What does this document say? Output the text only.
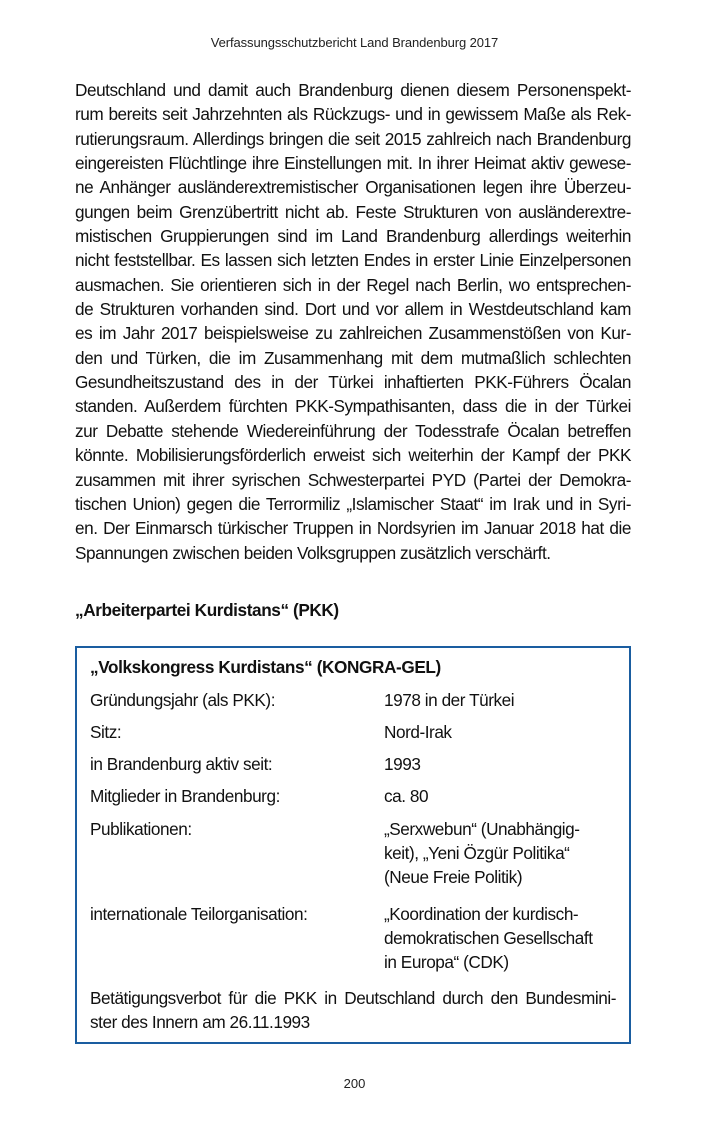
Verfassungsschutzbericht Land Brandenburg 2017
Deutschland und damit auch Brandenburg dienen diesem Personenspekt-
rum bereits seit Jahrzehnten als Rückzugs- und in gewissem Maße als Rek-
rutierungsraum. Allerdings bringen die seit 2015 zahlreich nach Brandenburg
eingereisten Flüchtlinge ihre Einstellungen mit. In ihrer Heimat aktiv gewese-
ne Anhänger ausländerextremistischer Organisationen legen ihre Überzeu-
gungen beim Grenzübertritt nicht ab. Feste Strukturen von ausländerextre-
mistischen Gruppierungen sind im Land Brandenburg allerdings weiterhin
nicht feststellbar. Es lassen sich letzten Endes in erster Linie Einzelpersonen
ausmachen. Sie orientieren sich in der Regel nach Berlin, wo entsprechen-
de Strukturen vorhanden sind. Dort und vor allem in Westdeutschland kam
es im Jahr 2017 beispielsweise zu zahlreichen Zusammenstößen von Kur-
den und Türken, die im Zusammenhang mit dem mutmaßlich schlechten
Gesundheitszustand des in der Türkei inhaftierten PKK-Führers Öcalan
standen. Außerdem fürchten PKK-Sympathisanten, dass die in der Türkei
zur Debatte stehende Wiedereinführung der Todesstrafe Öcalan betreffen
könnte. Mobilisierungsförderlich erweist sich weiterhin der Kampf der PKK
zusammen mit ihrer syrischen Schwesterpartei PYD (Partei der Demokra-
tischen Union) gegen die Terrormiliz „Islamischer Staat“ im Irak und in Syri-
en. Der Einmarsch türkischer Truppen in Nordsyrien im Januar 2018 hat die
Spannungen zwischen beiden Volksgruppen zusätzlich verschärft.
„Arbeiterpartei Kurdistans“ (PKK)
„Volkskongress Kurdistans“ (KONGRA-GEL)
Gründungsjahr (als PKK):	1978 in der Türkei
Sitz:	Nord-Irak
in Brandenburg aktiv seit:	1993
Mitglieder in Brandenburg:	ca. 80
Publikationen:	„Serxwebun“ (Unabhängig-
keit), „Yeni Özgür Politika“
(Neue Freie Politik)
internationale Teilorganisation:	„Koordination der kurdisch-
demokratischen Gesellschaft
in Europa“ (CDK)
Betätigungsverbot für die PKK in Deutschland durch den Bundesmini-
ster des Innern am 26.11.1993
200
